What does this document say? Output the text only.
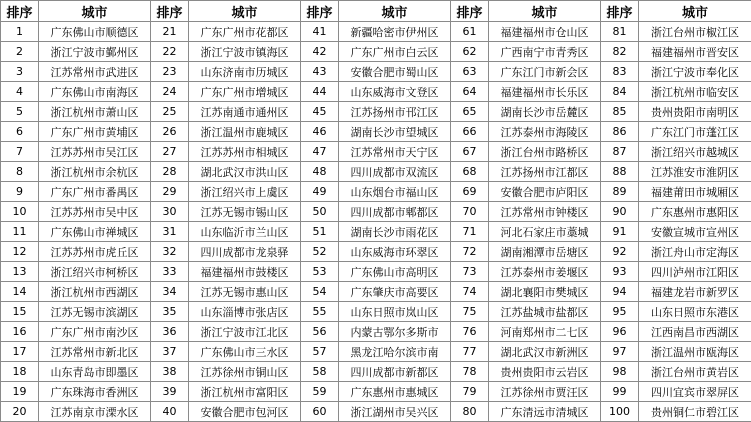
排序	城市	排序	城市	排序	城市	排序	城市	排序	城市
1	广东佛山市顺德区	21	广东广州市花都区	41	新疆哈密市伊州区	61	福建福州市仓山区	81	浙江台州市椒江区
2	浙江宁波市鄞州区	22	浙江宁波市镇海区	42	广东广州市白云区	62	广西南宁市青秀区	82	福建福州市晋安区
3	江苏常州市武进区	23	山东济南市历城区	43	安徽合肥市蜀山区	63	广东江门市新会区	83	浙江宁波市奉化区
4	广东佛山市南海区	24	广东广州市增城区	44	山东威海市文登区	64	福建福州市长乐区	84	浙江杭州市临安区
5	浙江杭州市萧山区	25	江苏南通市通州区	45	江苏扬州市邗江区	65	湖南长沙市岳麓区	85	贵州贵阳市南明区
6	广东广州市黄埔区	26	浙江温州市鹿城区	46	湖南长沙市望城区	66	江苏泰州市海陵区	86	广东江门市蓬江区
7	江苏苏州市吴江区	27	江苏苏州市相城区	47	江苏常州市天宁区	67	浙江台州市路桥区	87	浙江绍兴市越城区
8	浙江杭州市余杭区	28	湖北武汉市洪山区	48	四川成都市双流区	68	江苏扬州市江都区	88	江苏淮安市淮阴区
9	广东广州市番禺区	29	浙江绍兴市上虞区	49	山东烟台市福山区	69	安徽合肥市庐阳区	89	福建莆田市城厢区
10	江苏苏州市吴中区	30	江苏无锡市锡山区	50	四川成都市郫都区	70	江苏常州市钟楼区	90	广东惠州市惠阳区
11	广东佛山市禅城区	31	山东临沂市兰山区	51	湖南长沙市雨花区	71	河北石家庄市藁城	91	安徽宣城市宣州区
12	江苏苏州市虎丘区	32	四川成都市龙泉驿	52	山东威海市环翠区	72	湖南湘潭市岳塘区	92	浙江舟山市定海区
13	浙江绍兴市柯桥区	33	福建福州市鼓楼区	53	广东佛山市高明区	73	江苏泰州市姜堰区	93	四川泸州市江阳区
14	浙江杭州市西湖区	34	江苏无锡市惠山区	54	广东肇庆市高要区	74	湖北襄阳市樊城区	94	福建龙岩市新罗区
15	江苏无锡市滨湖区	35	山东淄博市张店区	55	山东日照市岚山区	75	江苏盐城市盐都区	95	山东日照市东港区
16	广东广州市南沙区	36	浙江宁波市江北区	56	内蒙古鄂尔多斯市	76	河南郑州市二七区	96	江西南昌市西湖区
17	江苏常州市新北区	37	广东佛山市三水区	57	黑龙江哈尔滨市南	77	湖北武汉市新洲区	97	浙江温州市瓯海区
18	山东青岛市即墨区	38	江苏徐州市铜山区	58	四川成都市新都区	78	贵州贵阳市云岩区	98	浙江台州市黄岩区
19	广东珠海市香洲区	39	浙江杭州市富阳区	59	广东惠州市惠城区	79	江苏徐州市贾汪区	99	四川宜宾市翠屏区
20	江苏南京市溧水区	40	安徽合肥市包河区	60	浙江湖州市吴兴区	80	广东清远市清城区	100	贵州铜仁市碧江区
